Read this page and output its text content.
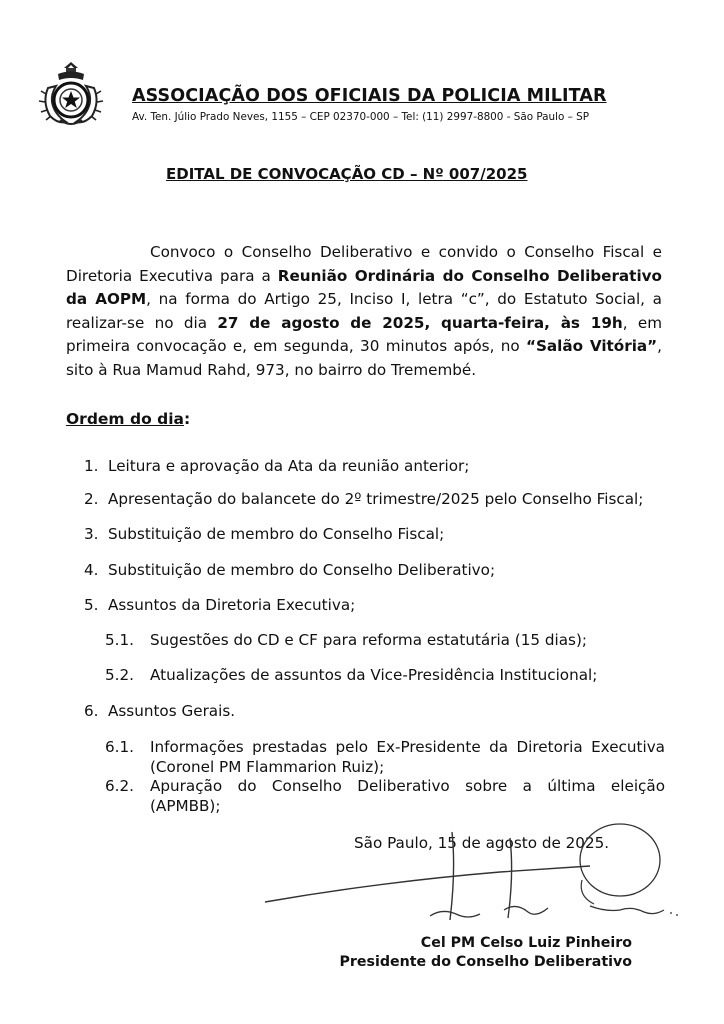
ASSOCIAÇÃO DOS OFICIAIS DA POLICIA MILITAR
Av. Ten. Júlio Prado Neves, 1155 – CEP 02370-000 – Tel: (11) 2997-8800 - São Paulo – SP
EDITAL DE CONVOCAÇÃO CD – Nº 007/2025

Convoco o Conselho Deliberativo e convido o Conselho Fiscal e Diretoria Executiva para a Reunião Ordinária do Conselho Deliberativo da AOPM, na forma do Artigo 25, Inciso I, letra “c”, do Estatuto Social, a realizar-se no dia 27 de agosto de 2025, quarta-feira, às 19h, em primeira convocação e, em segunda, 30 minutos após, no “Salão Vitória”, sito à Rua Mamud Rahd, 973, no bairro do Tremembé.

Ordem do dia:
1. Leitura e aprovação da Ata da reunião anterior;
2. Apresentação do balancete do 2º trimestre/2025 pelo Conselho Fiscal;
3. Substituição de membro do Conselho Fiscal;
4. Substituição de membro do Conselho Deliberativo;
5. Assuntos da Diretoria Executiva;
5.1. Sugestões do CD e CF para reforma estatutária (15 dias);
5.2. Atualizações de assuntos da Vice-Presidência Institucional;
6. Assuntos Gerais.
6.1. Informações prestadas pelo Ex-Presidente da Diretoria Executiva (Coronel PM Flammarion Ruiz);
6.2. Apuração do Conselho Deliberativo sobre a última eleição (APMBB);
São Paulo, 15 de agosto de 2025.
Cel PM Celso Luiz Pinheiro
Presidente do Conselho Deliberativo
